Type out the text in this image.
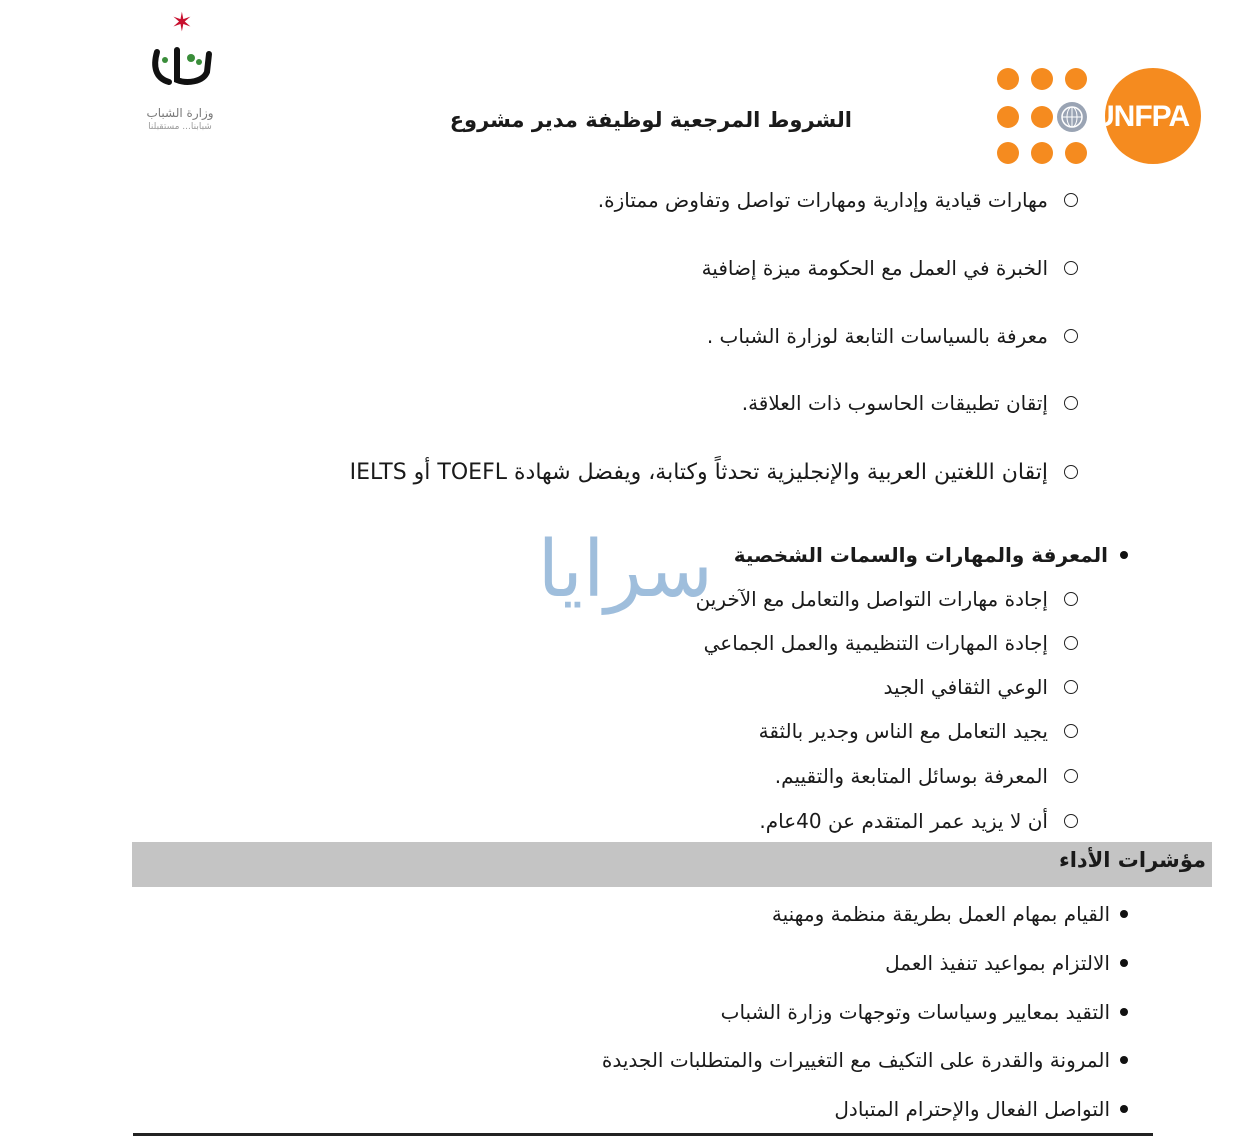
✶
وزارة الشباب
شبابنا... مستقبلنا	الشروط المرجعية لوظيفة مدير مشروع	UNFPA
مهارات قيادية وإدارية ومهارات تواصل وتفاوض ممتازة.
الخبرة في العمل مع الحكومة ميزة إضافية
معرفة بالسياسات التابعة لوزارة الشباب .
إتقان تطبيقات الحاسوب ذات العلاقة.
إتقان اللغتين العربية والإنجليزية تحدثاً وكتابة، ويفضل شهادة TOEFL أو IELTS
المعرفة والمهارات والسمات الشخصية
سرايا
إجادة مهارات التواصل والتعامل مع الآخرين
إجادة المهارات التنظيمية والعمل الجماعي
الوعي الثقافي الجيد
يجيد التعامل مع الناس وجدير بالثقة
المعرفة بوسائل المتابعة والتقييم.
أن لا يزيد عمر المتقدم عن 40عام.
مؤشرات الأداء
القيام بمهام العمل بطريقة منظمة ومهنية
الالتزام بمواعيد تنفيذ العمل
التقيد بمعايير وسياسات وتوجهات وزارة الشباب
المرونة والقدرة على التكيف مع التغييرات والمتطلبات الجديدة
التواصل الفعال والإحترام المتبادل
